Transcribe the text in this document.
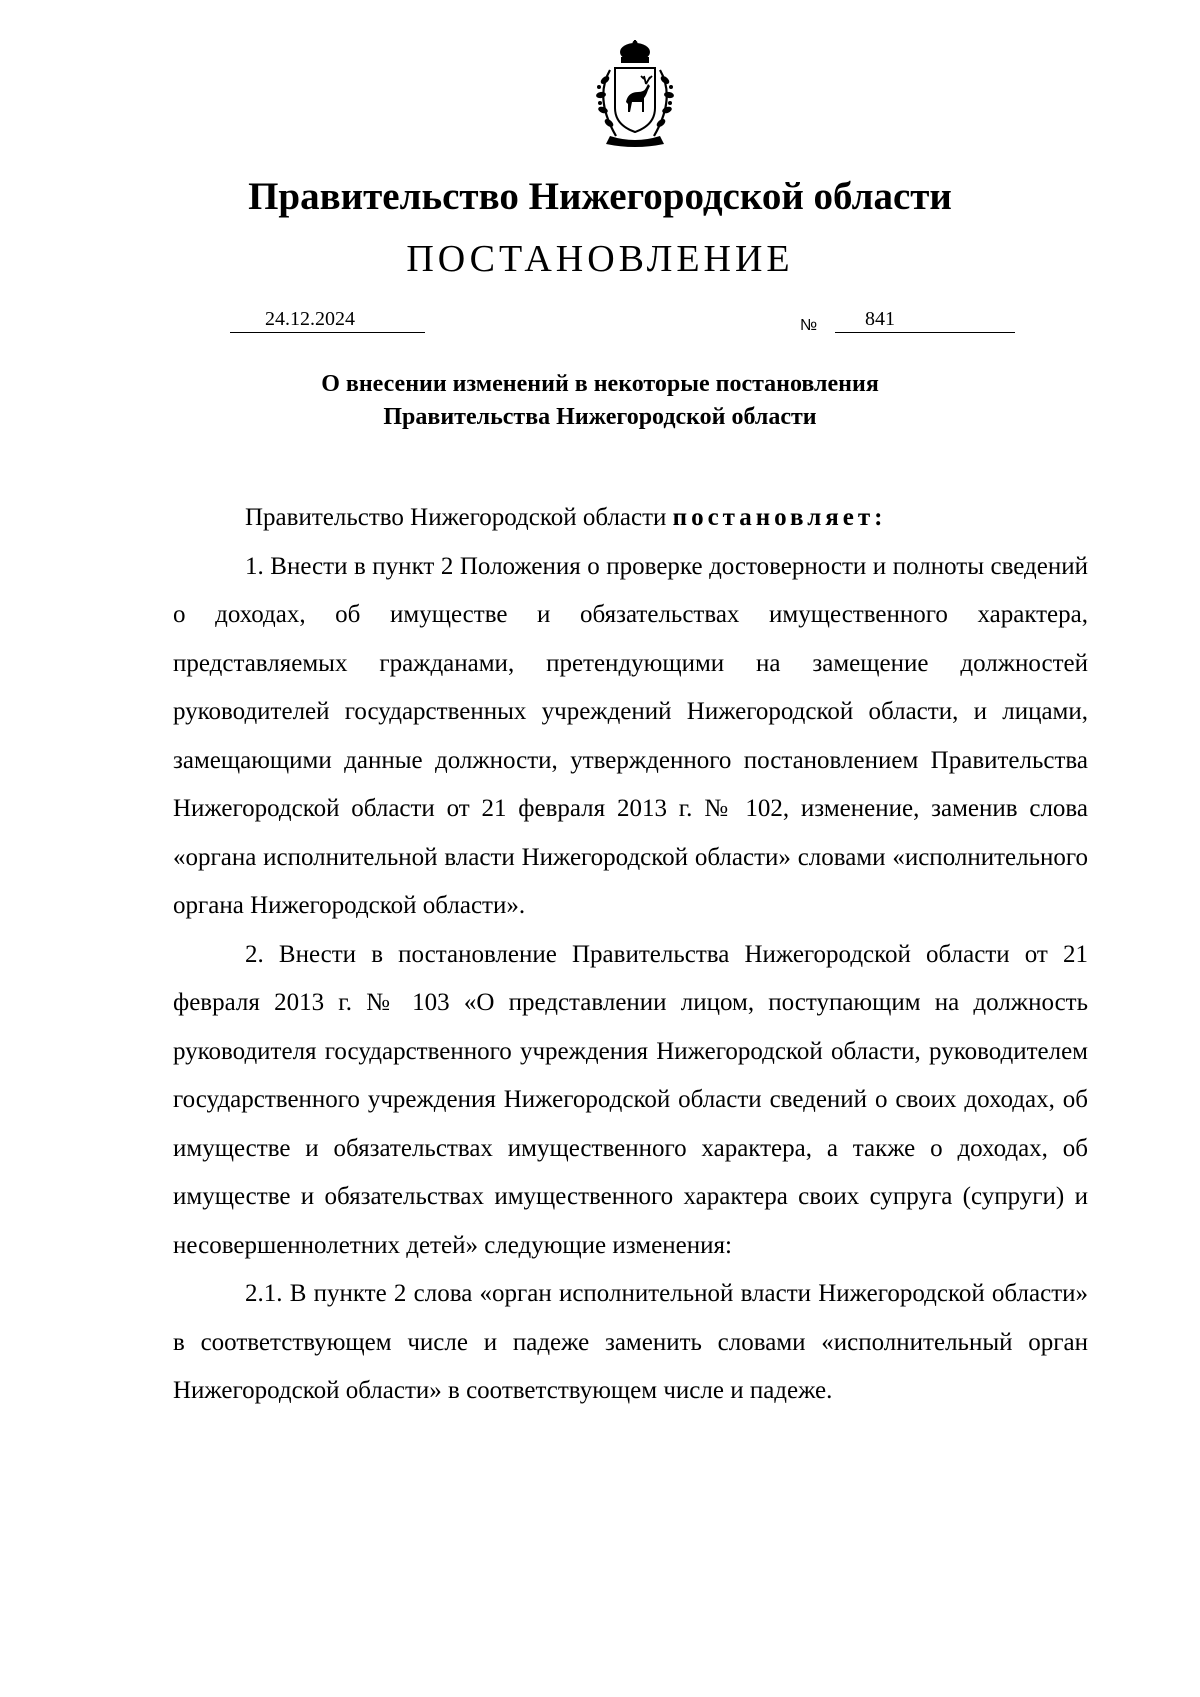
Правительство Нижегородской области
ПОСТАНОВЛЕНИЕ
24.12.2024	№	841
О внесении изменений в некоторые постановления
Правительства Нижегородской области

Правительство Нижегородской области постановляет:

1. Внести в пункт 2 Положения о проверке достоверности и полноты сведений о доходах, об имуществе и обязательствах имущественного характера, представляемых гражданами, претендующими на замещение должностей руководителей государственных учреждений Нижегородской области, и лицами, замещающими данные должности, утвержденного постановлением Правительства Нижегородской области от 21 февраля 2013 г. № 102, изменение, заменив слова «органа исполнительной власти Нижегородской области» словами «исполнительного органа Нижегородской области».

2. Внести в постановление Правительства Нижегородской области от 21 февраля 2013 г. № 103 «О представлении лицом, поступающим на должность руководителя государственного учреждения Нижегородской области, руководителем государственного учреждения Нижегородской области сведений о своих доходах, об имуществе и обязательствах имущественного характера, а также о доходах, об имуществе и обязательствах имущественного характера своих супруга (супруги) и несовершеннолетних детей» следующие изменения:

2.1. В пункте 2 слова «орган исполнительной власти Нижегородской области» в соответствующем числе и падеже заменить словами «исполнительный орган Нижегородской области» в соответствующем числе и падеже.
